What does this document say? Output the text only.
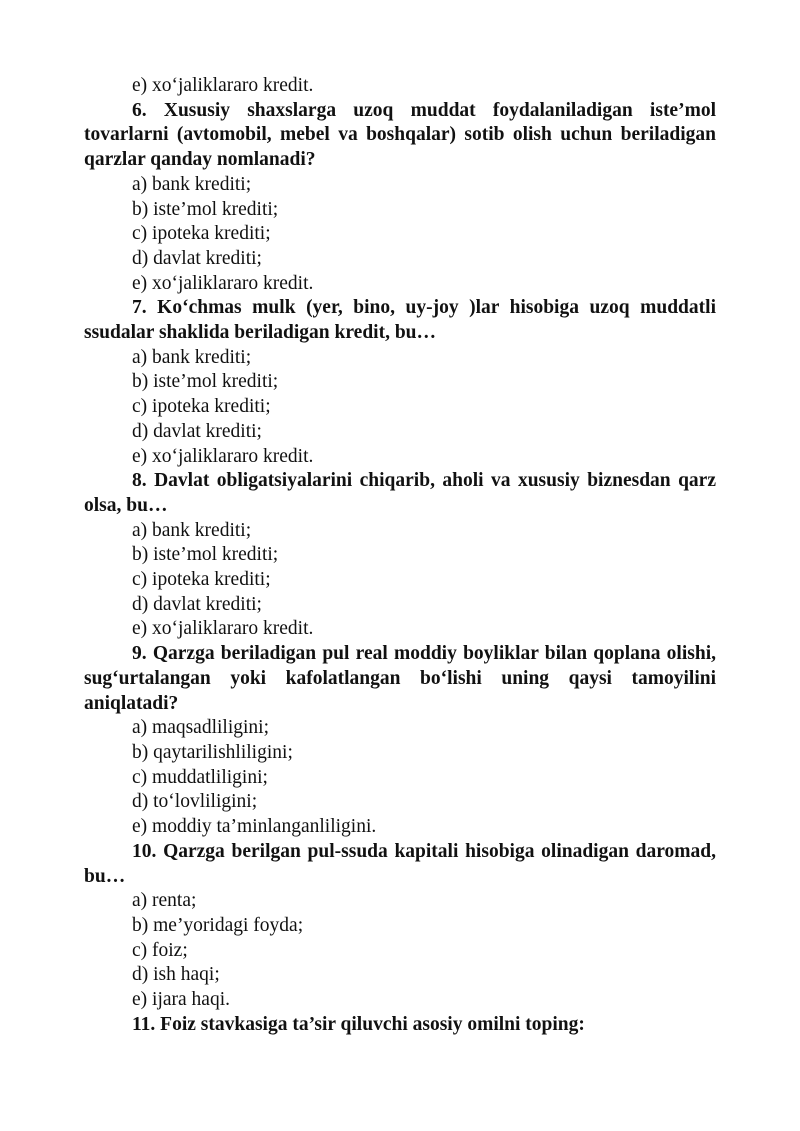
e) xo‘jaliklararo kredit.

6. Xususiy shaxslarga uzoq muddat foydalaniladigan iste’mol tovarlarni (avtomobil, mebel va boshqalar) sotib olish uchun beriladigan qarzlar qanday nomlanadi?

a) bank krediti;

b) iste’mol krediti;

c) ipoteka krediti;

d) davlat krediti;

e) xo‘jaliklararo kredit.

7. Ko‘chmas mulk (yer, bino, uy-joy )lar hisobiga uzoq muddatli ssudalar shaklida beriladigan kredit, bu…

a) bank krediti;

b) iste’mol krediti;

c) ipoteka krediti;

d) davlat krediti;

e) xo‘jaliklararo kredit.

8. Davlat obligatsiyalarini chiqarib, aholi va xususiy biznesdan qarz olsa, bu…

a) bank krediti;

b) iste’mol krediti;

c) ipoteka krediti;

d) davlat krediti;

e) xo‘jaliklararo kredit.

9. Qarzga beriladigan pul real moddiy boyliklar bilan qoplana olishi, sug‘urtalangan yoki kafolatlangan bo‘lishi uning qaysi tamoyilini aniqlatadi?

a) maqsadliligini;

b) qaytarilishliligini;

c) muddatliligini;

d) to‘lovliligini;

e) moddiy ta’minlanganliligini.

10. Qarzga berilgan pul-ssuda kapitali hisobiga olinadigan daromad, bu…

a) renta;

b) me’yoridagi foyda;

c) foiz;

d) ish haqi;

e) ijara haqi.

11. Foiz stavkasiga ta’sir qiluvchi asosiy omilni toping:
